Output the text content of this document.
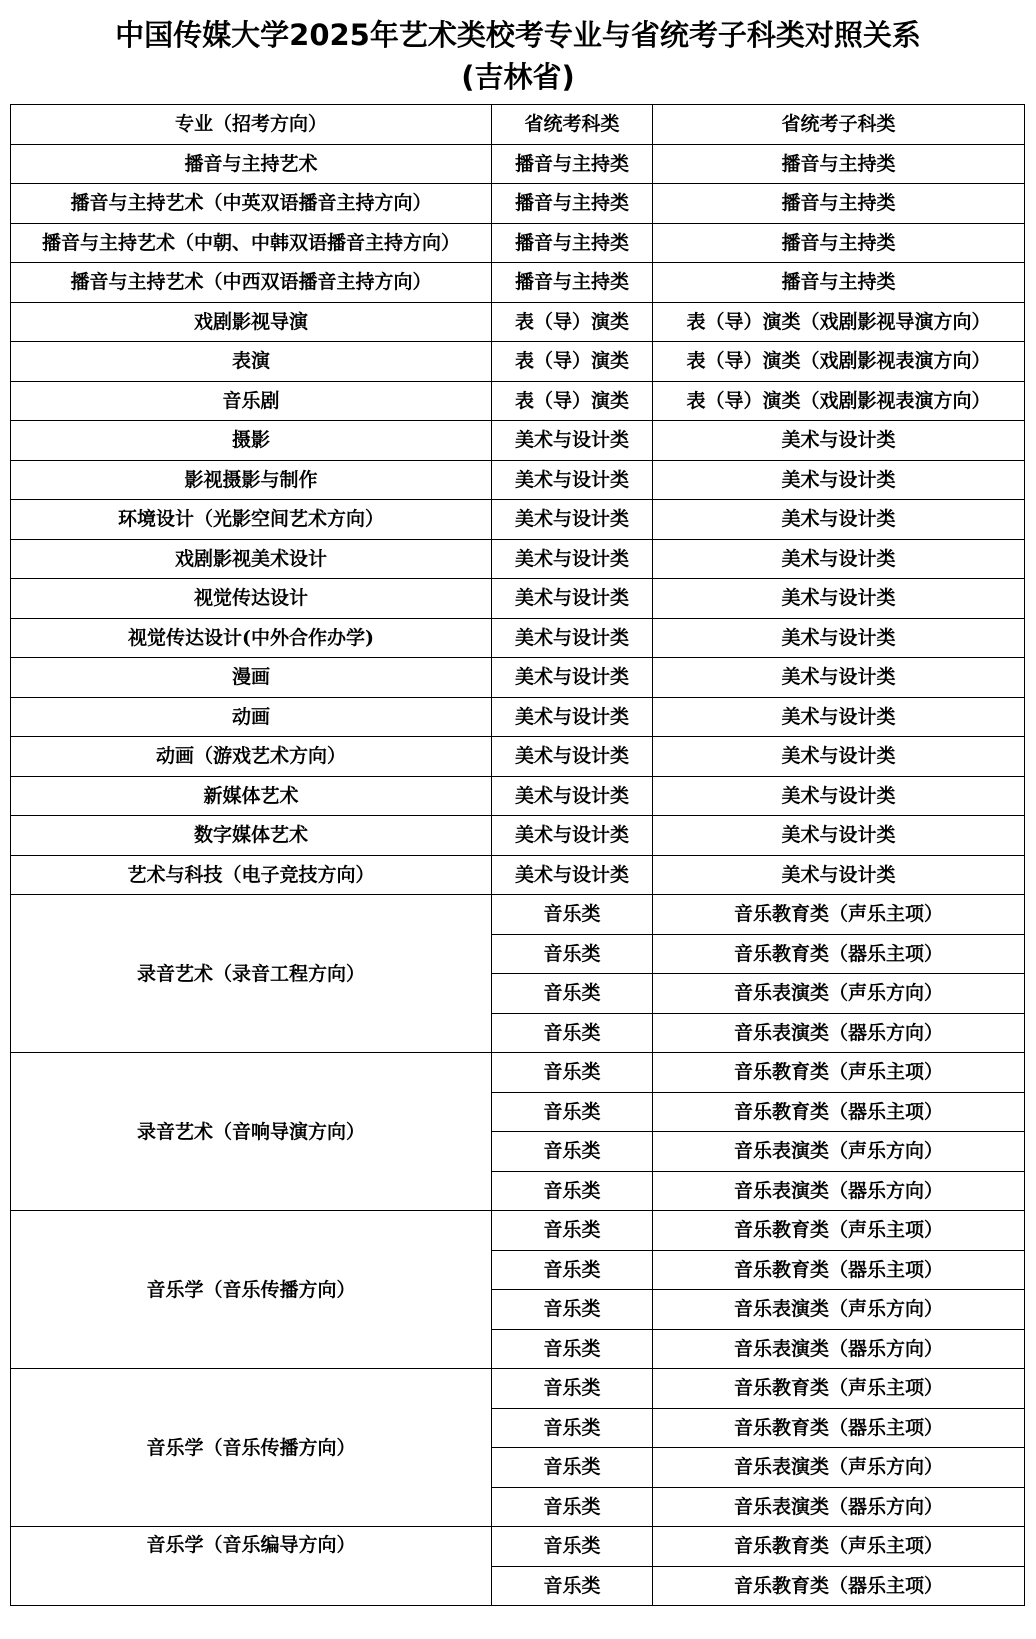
中国传媒大学2025年艺术类校考专业与省统考子科类对照关系
(吉林省)
专业（招考方向）	省统考科类	省统考子科类
播音与主持艺术	播音与主持类	播音与主持类
播音与主持艺术（中英双语播音主持方向）	播音与主持类	播音与主持类
播音与主持艺术（中朝、中韩双语播音主持方向）	播音与主持类	播音与主持类
播音与主持艺术（中西双语播音主持方向）	播音与主持类	播音与主持类
戏剧影视导演	表（导）演类	表（导）演类（戏剧影视导演方向）
表演	表（导）演类	表（导）演类（戏剧影视表演方向）
音乐剧	表（导）演类	表（导）演类（戏剧影视表演方向）
摄影	美术与设计类	美术与设计类
影视摄影与制作	美术与设计类	美术与设计类
环境设计（光影空间艺术方向）	美术与设计类	美术与设计类
戏剧影视美术设计	美术与设计类	美术与设计类
视觉传达设计	美术与设计类	美术与设计类
视觉传达设计(中外合作办学)	美术与设计类	美术与设计类
漫画	美术与设计类	美术与设计类
动画	美术与设计类	美术与设计类
动画（游戏艺术方向）	美术与设计类	美术与设计类
新媒体艺术	美术与设计类	美术与设计类
数字媒体艺术	美术与设计类	美术与设计类
艺术与科技（电子竞技方向）	美术与设计类	美术与设计类
录音艺术（录音工程方向）	音乐类	音乐教育类（声乐主项）
	音乐类	音乐教育类（器乐主项）
	音乐类	音乐表演类（声乐方向）
	音乐类	音乐表演类（器乐方向）
录音艺术（音响导演方向）	音乐类	音乐教育类（声乐主项）
	音乐类	音乐教育类（器乐主项）
	音乐类	音乐表演类（声乐方向）
	音乐类	音乐表演类（器乐方向）
音乐学（音乐传播方向）	音乐类	音乐教育类（声乐主项）
	音乐类	音乐教育类（器乐主项）
	音乐类	音乐表演类（声乐方向）
	音乐类	音乐表演类（器乐方向）
音乐学（音乐传播方向）	音乐类	音乐教育类（声乐主项）
	音乐类	音乐教育类（器乐主项）
	音乐类	音乐表演类（声乐方向）
	音乐类	音乐表演类（器乐方向）
音乐学（音乐编导方向）	音乐类	音乐教育类（声乐主项）
	音乐类	音乐教育类（器乐主项）
